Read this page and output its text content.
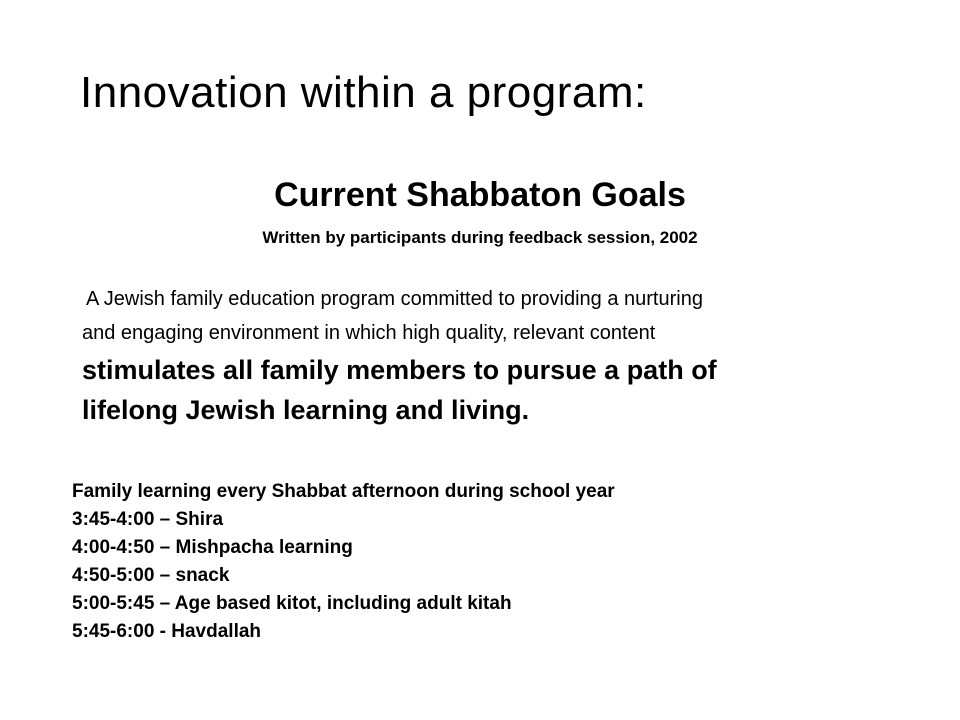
Innovation within a program:
Current Shabbaton Goals
Written by participants during feedback session, 2002
A Jewish family education program committed to providing a nurturing
and engaging environment in which high quality, relevant content
stimulates all family members to pursue a path of
lifelong Jewish learning and living.
Family learning every Shabbat afternoon during school year
3:45-4:00 – Shira
4:00-4:50 – Mishpacha learning
4:50-5:00 – snack
5:00-5:45 – Age based kitot, including adult kitah
5:45-6:00 - Havdallah
